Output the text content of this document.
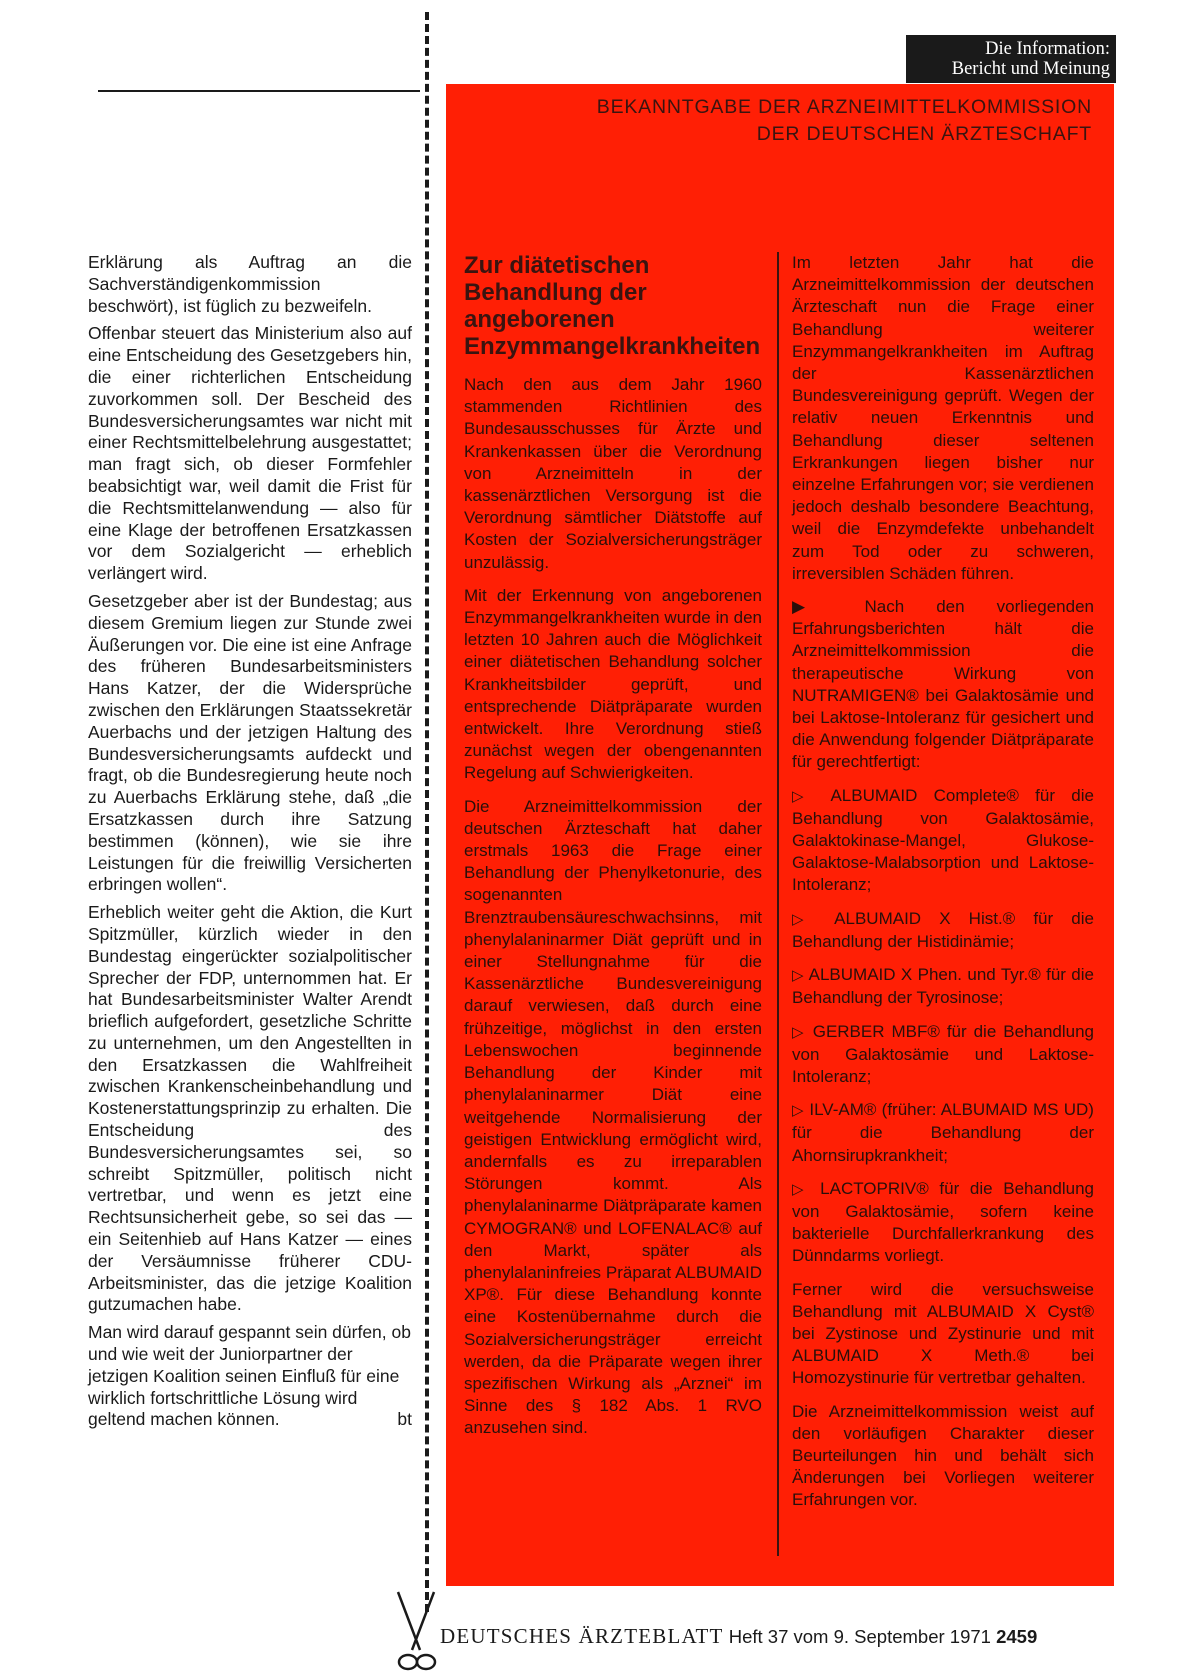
Die Information:
Bericht und Meinung

Erklärung als Auftrag an die Sachverständigenkommission beschwört), ist füglich zu bezweifeln.

Offenbar steuert das Ministerium also auf eine Entscheidung des Gesetzgebers hin, die einer richterlichen Entscheidung zuvorkommen soll. Der Bescheid des Bundesversicherungsamtes war nicht mit einer Rechtsmittelbelehrung ausgestattet; man fragt sich, ob dieser Formfehler beabsichtigt war, weil damit die Frist für die Rechtsmittelanwendung — also für eine Klage der betroffenen Ersatzkassen vor dem Sozialgericht — erheblich verlängert wird.

Gesetzgeber aber ist der Bundestag; aus diesem Gremium liegen zur Stunde zwei Äußerungen vor. Die eine ist eine Anfrage des früheren Bundesarbeitsministers Hans Katzer, der die Widersprüche zwischen den Erklärungen Staatssekretär Auerbachs und der jetzigen Haltung des Bundesversicherungsamts aufdeckt und fragt, ob die Bundesregierung heute noch zu Auerbachs Erklärung stehe, daß „die Ersatzkassen durch ihre Satzung bestimmen (können), wie sie ihre Leistungen für die freiwillig Versicherten erbringen wollen“.

Erheblich weiter geht die Aktion, die Kurt Spitzmüller, kürzlich wieder in den Bundestag eingerückter sozialpolitischer Sprecher der FDP, unternommen hat. Er hat Bundesarbeitsminister Walter Arendt brieflich aufgefordert, gesetzliche Schritte zu unternehmen, um den Angestellten in den Ersatzkassen die Wahlfreiheit zwischen Krankenscheinbehandlung und Kostenerstattungsprinzip zu erhalten. Die Entscheidung des Bundesversicherungsamtes sei, so schreibt Spitzmüller, politisch nicht vertretbar, und wenn es jetzt eine Rechtsunsicherheit gebe, so sei das — ein Seitenhieb auf Hans Katzer — eines der Versäumnisse früherer CDU-Arbeitsminister, das die jetzige Koalition gutzumachen habe.

Man wird darauf gespannt sein dürfen, ob und wie weit der Juniorpartner der jetzigen Koalition seinen Einfluß für eine wirklich fortschrittliche Lösung wird geltend machen können.	bt

BEKANNTGABE DER ARZNEIMITTELKOMMISSION
DER DEUTSCHEN ÄRZTESCHAFT
Zur diätetischen Behandlung der angeborenen Enzymmangelkrankheiten

Nach den aus dem Jahr 1960 stammenden Richtlinien des Bundesausschusses für Ärzte und Krankenkassen über die Verordnung von Arzneimitteln in der kassenärztlichen Versorgung ist die Verordnung sämtlicher Diätstoffe auf Kosten der Sozialversicherungsträger unzulässig.

Mit der Erkennung von angeborenen Enzymmangelkrankheiten wurde in den letzten 10 Jahren auch die Möglichkeit einer diätetischen Behandlung solcher Krankheitsbilder geprüft, und entsprechende Diätpräparate wurden entwickelt. Ihre Verordnung stieß zunächst wegen der obengenannten Regelung auf Schwierigkeiten.

Die Arzneimittelkommission der deutschen Ärzteschaft hat daher erstmals 1963 die Frage einer Behandlung der Phenylketonurie, des sogenannten Brenztraubensäureschwachsinns, mit phenylalaninarmer Diät geprüft und in einer Stellungnahme für die Kassenärztliche Bundesvereinigung darauf verwiesen, daß durch eine frühzeitige, möglichst in den ersten Lebenswochen beginnende Behandlung der Kinder mit phenylalaninarmer Diät eine weitgehende Normalisierung der geistigen Entwicklung ermöglicht wird, andernfalls es zu irreparablen Störungen kommt. Als phenylalaninarme Diätpräparate kamen CYMOGRAN® und LOFENALAC® auf den Markt, später als phenylalaninfreies Präparat ALBUMAID XP®. Für diese Behandlung konnte eine Kostenübernahme durch die Sozialversicherungsträger erreicht werden, da die Präparate wegen ihrer spezifischen Wirkung als „Arznei“ im Sinne des § 182 Abs. 1 RVO anzusehen sind.

Im letzten Jahr hat die Arzneimittelkommission der deutschen Ärzteschaft nun die Frage einer Behandlung weiterer Enzymmangelkrankheiten im Auftrag der Kassenärztlichen Bundesvereinigung geprüft. Wegen der relativ neuen Erkenntnis und Behandlung dieser seltenen Erkrankungen liegen bisher nur einzelne Erfahrungen vor; sie verdienen jedoch deshalb besondere Beachtung, weil die Enzymdefekte unbehandelt zum Tod oder zu schweren, irreversiblen Schäden führen.

▶ Nach den vorliegenden Erfahrungsberichten hält die Arzneimittelkommission die therapeutische Wirkung von NUTRAMIGEN® bei Galaktosämie und bei Laktose-Intoleranz für gesichert und die Anwendung folgender Diätpräparate für gerechtfertigt:

▷ ALBUMAID Complete® für die Behandlung von Galaktosämie, Galaktokinase-Mangel, Glukose-Galaktose-Malabsorption und Laktose-Intoleranz;

▷ ALBUMAID X Hist.® für die Behandlung der Histidinämie;

▷ ALBUMAID X Phen. und Tyr.® für die Behandlung der Tyrosinose;

▷ GERBER MBF® für die Behandlung von Galaktosämie und Laktose-Intoleranz;

▷ ILV-AM® (früher: ALBUMAID MS UD) für die Behandlung der Ahornsirupkrankheit;

▷ LACTOPRIV® für die Behandlung von Galaktosämie, sofern keine bakterielle Durchfallerkrankung des Dünndarms vorliegt.

Ferner wird die versuchsweise Behandlung mit ALBUMAID X Cyst® bei Zystinose und Zystinurie und mit ALBUMAID X Meth.® bei Homozystinurie für vertretbar gehalten.

Die Arzneimittelkommission weist auf den vorläufigen Charakter dieser Beurteilungen hin und behält sich Änderungen bei Vorliegen weiterer Erfahrungen vor.

DEUTSCHES ÄRZTEBLATT Heft 37 vom 9. September 1971 2459
